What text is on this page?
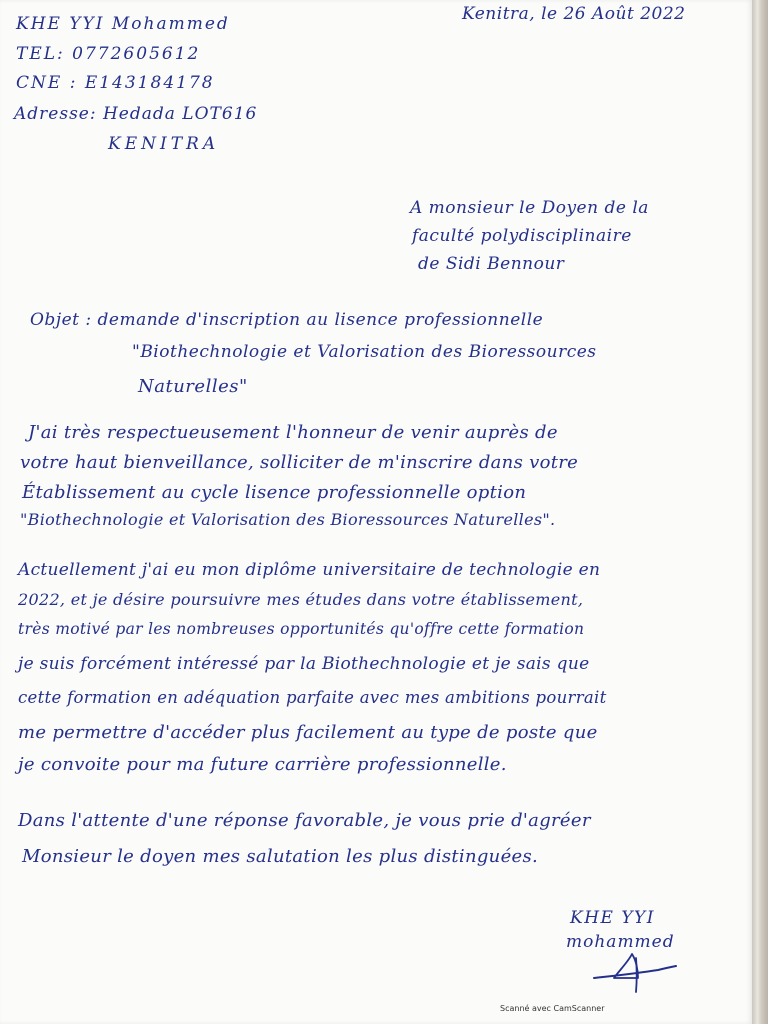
KHE YYI Mohammed
TEL: 0772605612
CNE : E143184178
Adresse: Hedada LOT616
KENITRA
Kenitra, le 26 Août 2022
A monsieur le Doyen de la
faculté polydisciplinaire
de Sidi Bennour
Objet : demande d'inscription au lisence professionnelle
"Biothechnologie et Valorisation des Bioressources
Naturelles"
J'ai très respectueusement l'honneur de venir auprès de
votre haut bienveillance, solliciter de m'inscrire dans votre
Établissement au cycle lisence professionnelle option
"Biothechnologie et Valorisation des Bioressources Naturelles".
Actuellement j'ai eu mon diplôme universitaire de technologie en
2022, et je désire poursuivre mes études dans votre établissement,
très motivé par les nombreuses opportunités qu'offre cette formation
je suis forcément intéressé par la Biothechnologie et je sais que
cette formation en adéquation parfaite avec mes ambitions pourrait
me permettre d'accéder plus facilement au type de poste que
je convoite pour ma future carrière professionnelle.
Dans l'attente d'une réponse favorable, je vous prie d'agréer
Monsieur le doyen mes salutation les plus distinguées.
KHE YYI
mohammed
Scanné avec CamScanner
